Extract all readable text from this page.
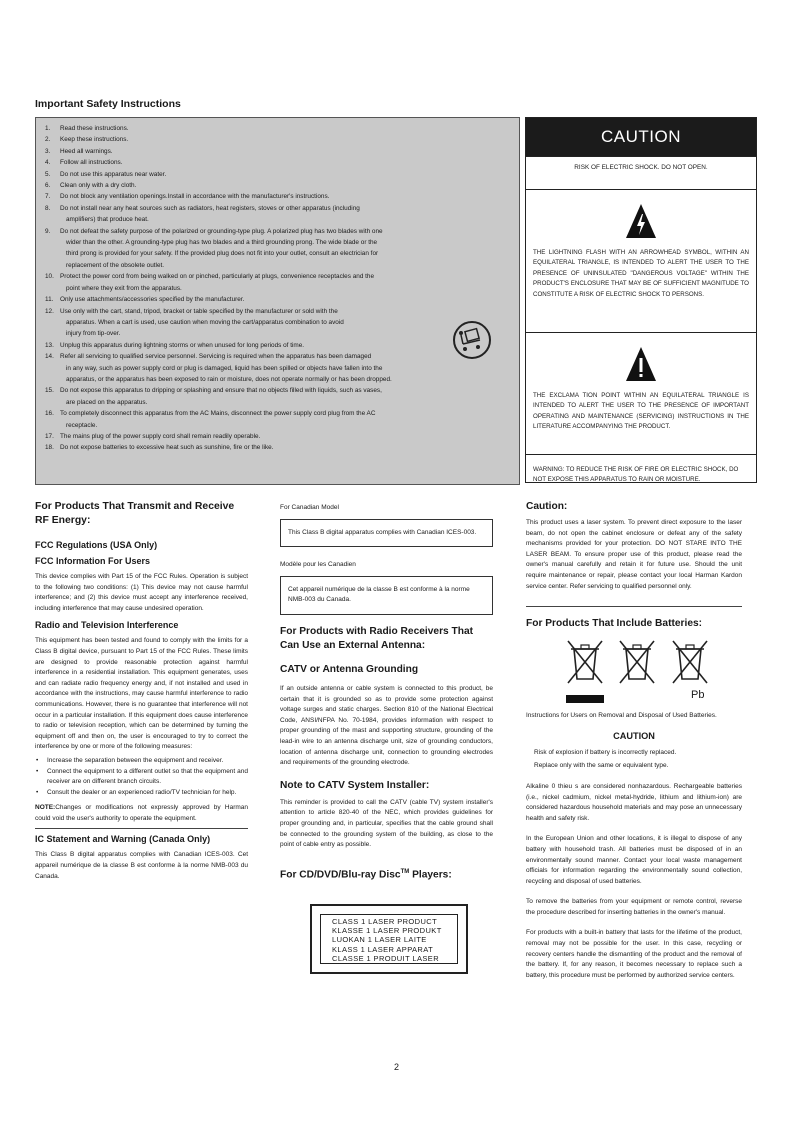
Important Safety Instructions
1. Read these instructions.
2. Keep these instructions.
3. Heed all warnings.
4. Follow all instructions.
5. Do not use this apparatus near water.
6. Clean only with a dry cloth.
7. Do not block any ventilation openings.Install in accordance with the manufacturer's instructions.
8. Do not install near any heat sources such as radiators, heat registers, stoves or other apparatus (including
amplifiers) that produce heat.
9. Do not defeat the safety purpose of the polarized or grounding-type plug. A polarized plug has two blades with one
wider than the other. A grounding-type plug has two blades and a third grounding prong. The wide blade or the
third prong is provided for your safety. If the provided plug does not fit into your outlet, consult an electrician for
replacement of the obsolete outlet.
10. Protect the power cord from being walked on or pinched, particularly at plugs, convenience receptacles and the
point where they exit from the apparatus.
11. Only use attachments/accessories specified by the manufacturer.
12. Use only with the cart, stand, tripod, bracket or table specified by the manufacturer or sold with the
apparatus. When a cart is used, use caution when moving the cart/apparatus combination to avoid
injury from tip-over.
13. Unplug this apparatus during lightning storms or when unused for long periods of time.
14. Refer all servicing to qualified service personnel. Servicing is required when the apparatus has been damaged
in any way, such as power supply cord or plug is damaged, liquid has been spilled or objects have fallen into the
apparatus, or the apparatus has been exposed to rain or moisture, does not operate normally or has been dropped.
15. Do not expose this apparatus to dripping or splashing and ensure that no objects filled with liquids, such as vases,
are placed on the apparatus.
16. To completely disconnect this apparatus from the AC Mains, disconnect the power supply cord plug from the AC
receptacle.
17. The mains plug of the power supply cord shall remain readily operable.
18. Do not expose batteries to excessive heat such as sunshine, fire or the like.
CAUTION
RISK OF ELECTRIC SHOCK. DO NOT OPEN.
THE LIGHTNING FLASH WITH AN ARROWHEAD SYMBOL, WITHIN AN EQUILATERAL TRIANGLE, IS INTENDED TO ALERT THE USER TO THE PRESENCE OF UNINSULATED "DANGEROUS VOLTAGE" WITHIN THE PRODUCT'S ENCLOSURE THAT MAY BE OF SUFFICIENT MAGNITUDE TO CONSTITUTE A RISK OF ELECTRIC SHOCK TO PERSONS.
THE EXCLAMA TION POINT WITHIN AN EQUILATERAL TRIANGLE IS INTENDED TO ALERT THE USER TO THE PRESENCE OF IMPORTANT OPERATING AND MAINTENANCE (SERVICING) INSTRUCTIONS IN THE LITERATURE ACCOMPANYING THE PRODUCT.
WARNING: TO REDUCE THE RISK OF FIRE OR ELECTRIC SHOCK, DO NOT EXPOSE THIS APPARATUS TO RAIN OR MOISTURE.
For Products That Transmit and Receive RF Energy:
FCC Regulations (USA Only)
FCC Information For Users

This device complies with Part 15 of the FCC Rules. Operation is subject to the following two conditions: (1) This device may not cause harmful interference; and (2) this device must accept any interference received, including interference that may cause undesired operation.

Radio and Television Interference

This equipment has been tested and found to comply with the limits for a Class B digital device, pursuant to Part 15 of the FCC Rules. These limits are designed to provide reasonable protection against harmful interference in a residential installation. This equipment generates, uses and can radiate radio frequency energy and, if not installed and used in accordance with the instructions, may cause harmful interference to radio communications. However, there is no guarantee that interference will not occur in a particular installation. If this equipment does cause interference to radio or television reception, which can be determined by turning the equipment off and then on, the user is encouraged to try to correct the interference by one or more of the following measures:

• Increase the separation between the equipment and receiver.
• Connect the equipment to a different outlet so that the equipment and receiver are on different branch circuits.
• Consult the dealer or an experienced radio/TV technician for help.

NOTE:Changes or modifications not expressly approved by Harman could void the user's authority to operate the equipment.

IC Statement and Warning (Canada Only)

This Class B digital apparatus complies with Canadian ICES-003. Cet appareil numérique de la classe B est conforme à la norme NMB-003 du Canada.

For Canadian Model
This Class B digital apparatus complies with Canadian ICES-003.
Modèle pour les Canadien
Cet appareil numérique de la classe B est conforme à la norme NMB-003 du Canada.
For Products with Radio Receivers That Can Use an External Antenna:
CATV or Antenna Grounding

If an outside antenna or cable system is connected to this product, be certain that it is grounded so as to provide some protection against voltage surges and static charges. Section 810 of the National Electrical Code, ANSI/NFPA No. 70-1984, provides information with respect to proper grounding of the mast and supporting structure, grounding of the lead-in wire to an antenna discharge unit, size of grounding conductors, location of antenna discharge unit, connection to grounding electrodes and requirements of the grounding electrode.

Note to CATV System Installer:

This reminder is provided to call the CATV (cable TV) system installer's attention to article 820-40 of the NEC, which provides guidelines for proper grounding and, in particular, specifies that the cable ground shall be connected to the grounding system of the building, as close to the point of cable entry as possible.

For CD/DVD/Blu-ray Disc™ Players:
CLASS 1 LASER PRODUCT
KLASSE 1 LASER PRODUKT
LUOKAN 1 LASER LAITE
KLASS 1 LASER APPARAT
CLASSE 1 PRODUIT LASER
Caution:

This product uses a laser system. To prevent direct exposure to the laser beam, do not open the cabinet enclosure or defeat any of the safety mechanisms provided for your protection. DO NOT STARE INTO THE LASER BEAM. To ensure proper use of this product, please read the owner's manual carefully and retain it for future use. Should the unit require maintenance or repair, please contact your local Harman Kardon service center. Refer servicing to qualified personnel only.

For Products That Include Batteries:

Pb

Instructions for Users on Removal and Disposal of Used Batteries.

CAUTION

Risk of explosion if battery is incorrectly replaced.

Replace only with the same or equivalent type.

Alkaline 0 thieu s are considered nonhazardous. Rechargeable batteries (i.e., nickel cadmium, nickel metal-hydride, lithium and lithium-ion) are considered hazardous household materials and may pose an unnecessary health and safety risk.

In the European Union and other locations, it is illegal to dispose of any battery with household trash. All batteries must be disposed of in an environmentally sound manner. Contact your local waste management officials for information regarding the environmentally sound collection, recycling and disposal of used batteries.

To remove the batteries from your equipment or remote control, reverse the procedure described for inserting batteries in the owner's manual.

For products with a built-in battery that lasts for the lifetime of the product, removal may not be possible for the user. In this case, recycling or recovery centers handle the dismantling of the product and the removal of the battery. If, for any reason, it becomes necessary to replace such a battery, this procedure must be performed by authorized service centers.

2
